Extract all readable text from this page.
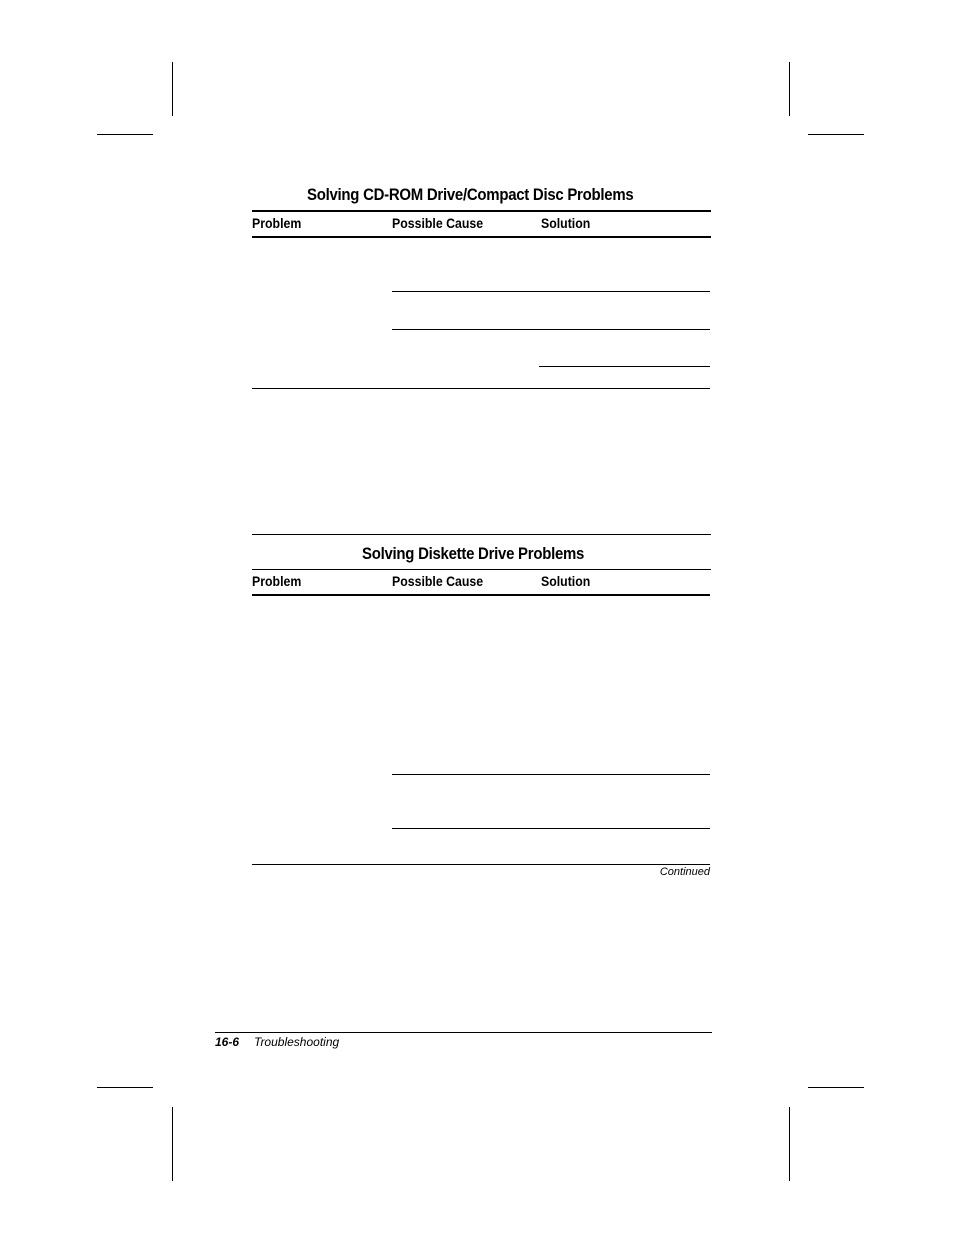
Solving CD-ROM Drive/Compact Disc Problems
Problem	Possible Cause	Solution
Solving Diskette Drive Problems
Problem	Possible Cause	Solution
Continued
16-6 Troubleshooting
